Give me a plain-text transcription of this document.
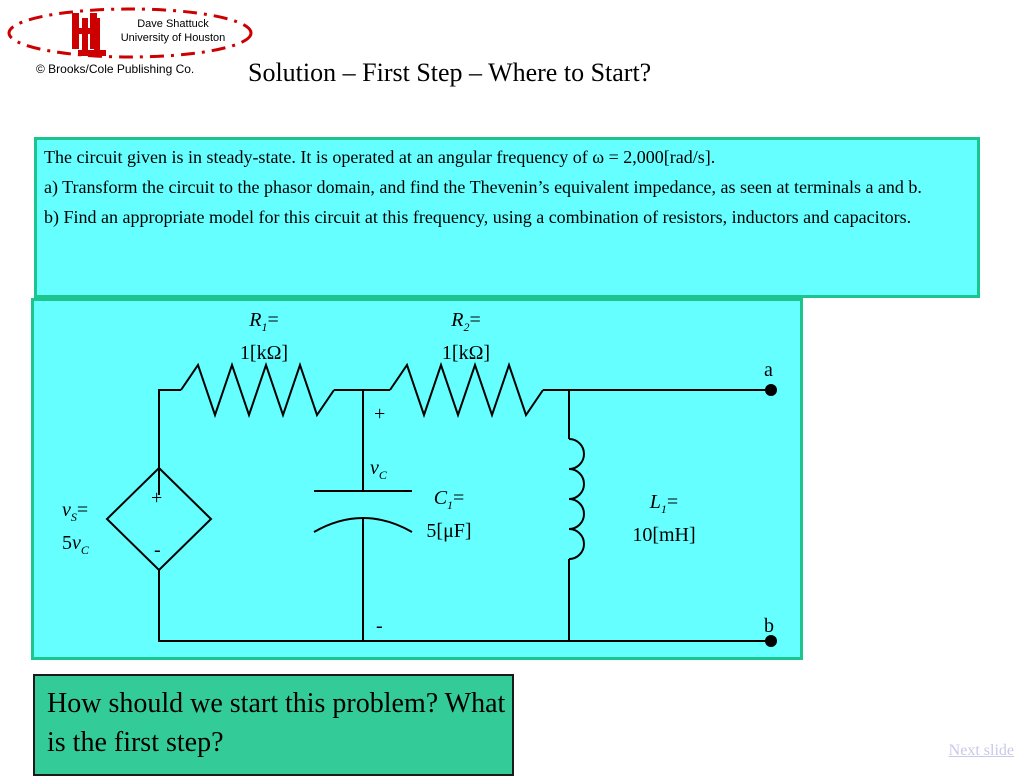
Dave Shattuck
University of Houston
© Brooks/Cole Publishing Co. Solution – First Step – Where to Start?

The circuit given is in steady-state. It is operated at an angular frequency of ω = 2,000[rad/s].

a) Transform the circuit to the phasor domain, and find the Thevenin’s equivalent impedance, as seen at terminals a and b.

b) Find an appropriate model for this circuit at this frequency, using a combination of resistors, inductors and capacitors.

$R_1=$
1[kΩ]
$R_2=$
1[kΩ]
+
$v_C$
-
$C_1=$
5[μF]
$L_1=$
10[mH]
+
-
$v_S=$
$5v_C$
a
b
How should we start this problem? What is the first step?	Next slide
